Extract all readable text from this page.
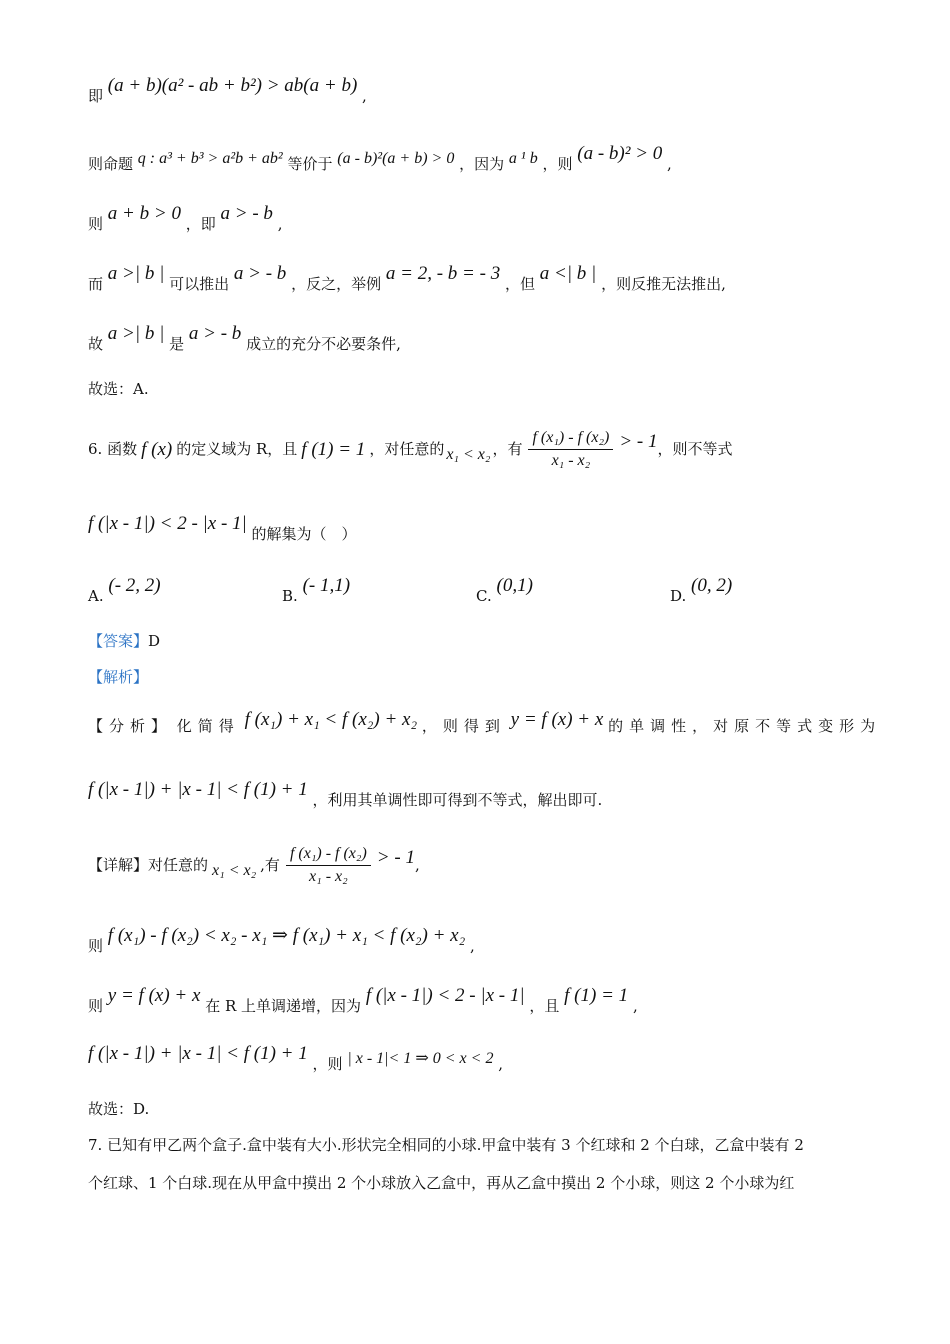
即 (a + b)(a² - ab + b²) > ab(a + b) ,
则命题 q : a³ + b³ > a²b + ab² 等价于 (a - b)²(a + b) > 0 ，因为 a ¹ b ，则 (a - b)² > 0 ,
则 a + b > 0 ，即 a > - b ,
而 a >| b | 可以推出 a > - b ，反之，举例 a = 2, - b = - 3 ，但 a <| b | ，则反推无法推出,
故 a >| b | 是 a > - b 成立的充分不必要条件,
故选：A.
6. 函数 f (x) 的定义域为 R，且 f (1) = 1 ，对任意的 x₁ < x₂ ，有 $\frac{\text{f (x₁) - f (x₂)}}{\text{x₁ - x₂}}$ > - 1 ，则不等式
f (|x - 1|) < 2 - |x - 1| 的解集为（　）
A. (- 2, 2)	B. (- 1,1)	C. (0,1)	D. (0, 2)
【答案】D
【解析】
【分析】 化简得 f (x₁) + x₁ < f (x₂) + x₂ ，则得到 y = f (x) + x 的单调性，对原不等式变形为
f (|x - 1|) + |x - 1| < f (1) + 1 ，利用其单调性即可得到不等式，解出即可.
【详解】 对任意的 x₁ < x₂ ,有 $\frac{\text{f (x₁) - f (x₂)}}{\text{x₁ - x₂}}$ > - 1 ,
则 f (x₁) - f (x₂) < x₂ - x₁ ⇒ f (x₁) + x₁ < f (x₂) + x₂ ,
则 y = f (x) + x 在 R 上单调递增，因为 f (|x - 1|) < 2 - |x - 1| ，且 f (1) = 1 ,
f (|x - 1|) + |x - 1| < f (1) + 1 ，则 | x - 1|< 1 ⇒ 0 < x < 2 ,
故选：D.
7. 已知有甲乙两个盒子.盒中装有大小.形状完全相同的小球.甲盒中装有 3 个红球和 2 个白球，乙盒中装有 2
个红球、1 个白球.现在从甲盒中摸出 2 个小球放入乙盒中，再从乙盒中摸出 2 个小球，则这 2 个小球为红
